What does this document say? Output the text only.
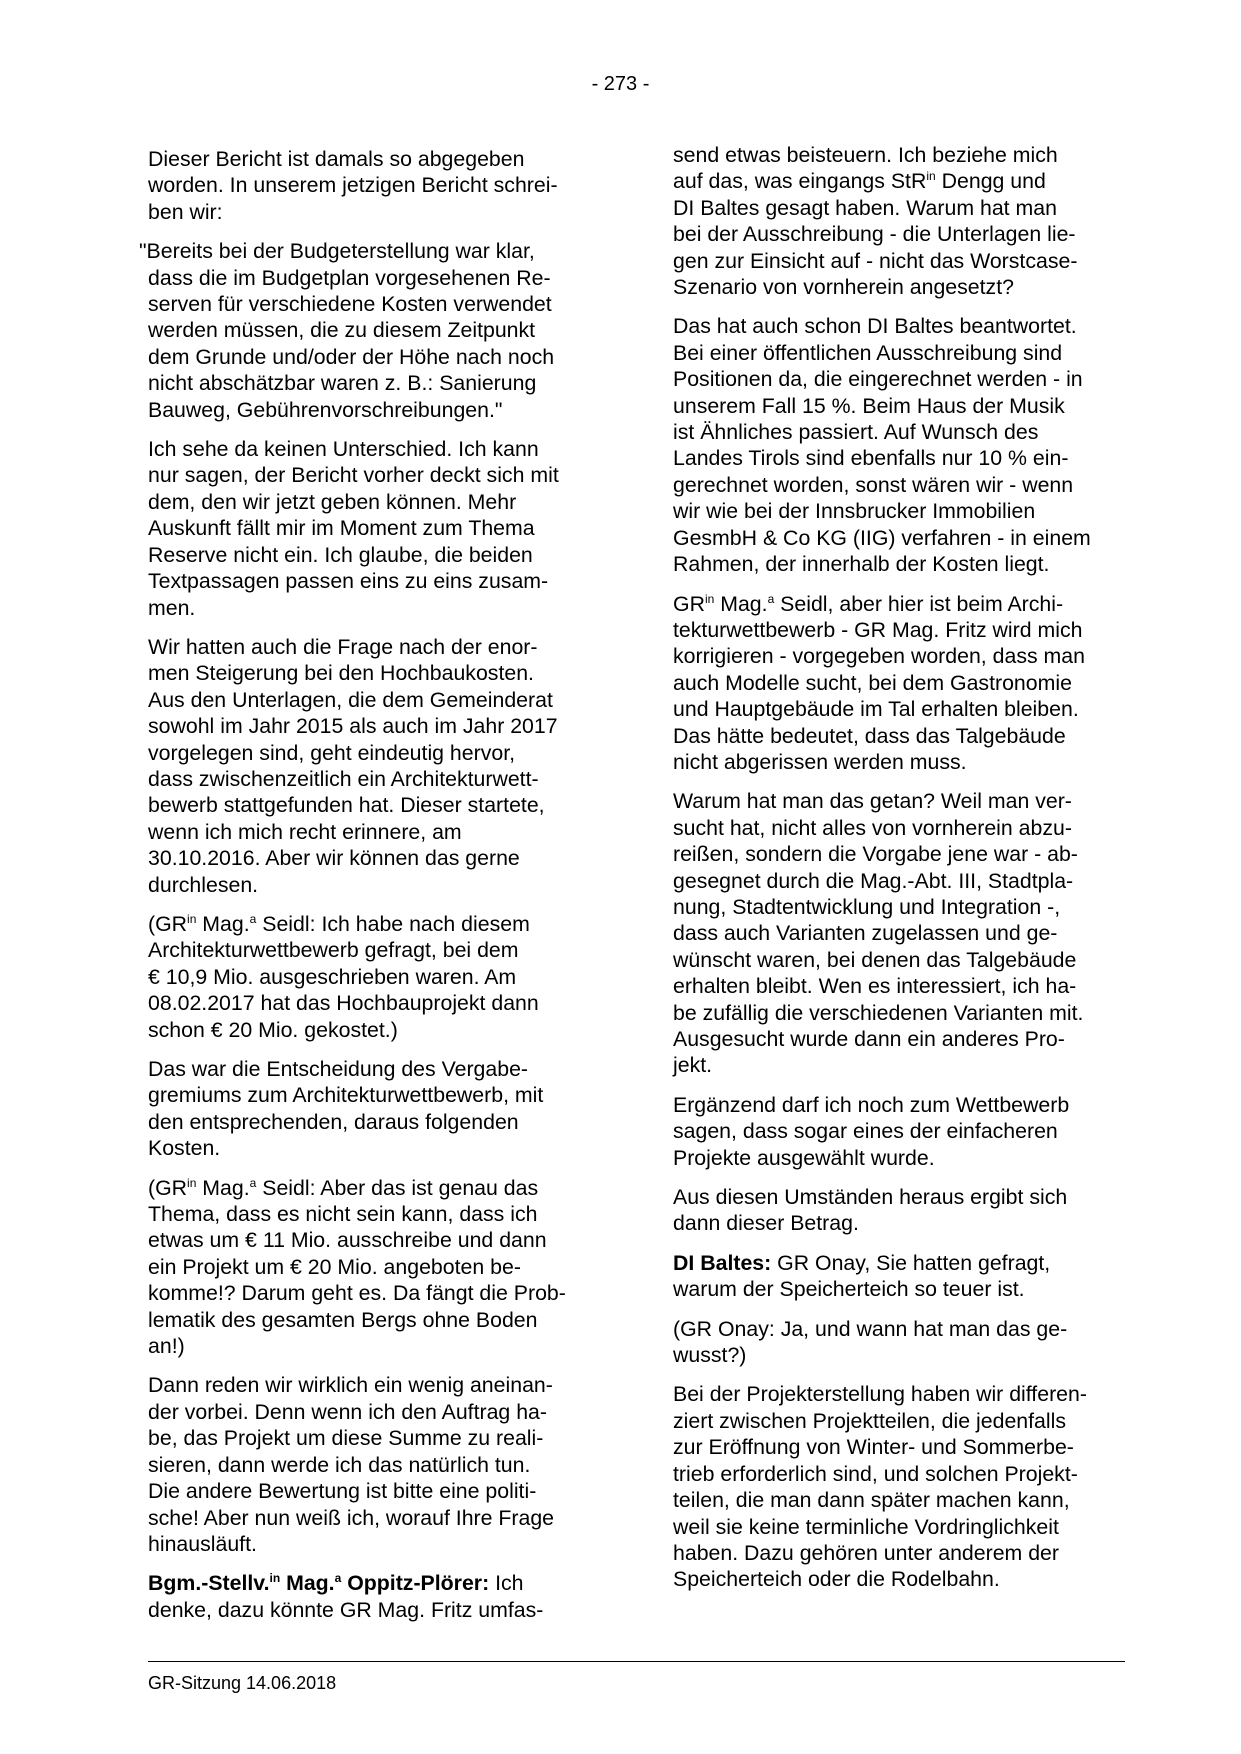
- 273 -

Dieser Bericht ist damals so abgegeben
worden. In unserem jetzigen Bericht schrei-
ben wir:

"Bereits bei der Budgeterstellung war klar,
dass die im Budgetplan vorgesehenen Re-
serven für verschiedene Kosten verwendet
werden müssen, die zu diesem Zeitpunkt
dem Grunde und/oder der Höhe nach noch
nicht abschätzbar waren z. B.: Sanierung
Bauweg, Gebührenvorschreibungen."

Ich sehe da keinen Unterschied. Ich kann
nur sagen, der Bericht vorher deckt sich mit
dem, den wir jetzt geben können. Mehr
Auskunft fällt mir im Moment zum Thema
Reserve nicht ein. Ich glaube, die beiden
Textpassagen passen eins zu eins zusam-
men.

Wir hatten auch die Frage nach der enor-
men Steigerung bei den Hochbaukosten.
Aus den Unterlagen, die dem Gemeinderat
sowohl im Jahr 2015 als auch im Jahr 2017
vorgelegen sind, geht eindeutig hervor,
dass zwischenzeitlich ein Architekturwett-
bewerb stattgefunden hat. Dieser startete,
wenn ich mich recht erinnere, am
30.10.2016. Aber wir können das gerne
durchlesen.

($GR^{in}$ Mag.$^a$ Seidl: Ich habe nach diesem
Architekturwettbewerb gefragt, bei dem
€ 10,9 Mio. ausgeschrieben waren. Am
08.02.2017 hat das Hochbauprojekt dann
schon € 20 Mio. gekostet.)

Das war die Entscheidung des Vergabe-
gremiums zum Architekturwettbewerb, mit
den entsprechenden, daraus folgenden
Kosten.

($GR^{in}$ Mag.$^a$ Seidl: Aber das ist genau das
Thema, dass es nicht sein kann, dass ich
etwas um € 11 Mio. ausschreibe und dann
ein Projekt um € 20 Mio. angeboten be-
komme!? Darum geht es. Da fängt die Prob-
lematik des gesamten Bergs ohne Boden
an!)

Dann reden wir wirklich ein wenig aneinan-
der vorbei. Denn wenn ich den Auftrag ha-
be, das Projekt um diese Summe zu reali-
sieren, dann werde ich das natürlich tun.
Die andere Bewertung ist bitte eine politi-
sche! Aber nun weiß ich, worauf Ihre Frage
hinausläuft.

Bgm.-Stellv.$^{in}$ Mag.$^a$ Oppitz-Plörer: Ich
denke, dazu könnte GR Mag. Fritz umfas-

send etwas beisteuern. Ich beziehe mich
auf das, was eingangs StR$^{in}$ Dengg und
DI Baltes gesagt haben. Warum hat man
bei der Ausschreibung - die Unterlagen lie-
gen zur Einsicht auf - nicht das Worstcase-
Szenario von vornherein angesetzt?

Das hat auch schon DI Baltes beantwortet.
Bei einer öffentlichen Ausschreibung sind
Positionen da, die eingerechnet werden - in
unserem Fall 15 %. Beim Haus der Musik
ist Ähnliches passiert. Auf Wunsch des
Landes Tirols sind ebenfalls nur 10 % ein-
gerechnet worden, sonst wären wir - wenn
wir wie bei der Innsbrucker Immobilien
GesmbH & Co KG (IIG) verfahren - in einem
Rahmen, der innerhalb der Kosten liegt.

$GR^{in}$ Mag.$^a$ Seidl, aber hier ist beim Archi-
tekturwettbewerb - GR Mag. Fritz wird mich
korrigieren - vorgegeben worden, dass man
auch Modelle sucht, bei dem Gastronomie
und Hauptgebäude im Tal erhalten bleiben.
Das hätte bedeutet, dass das Talgebäude
nicht abgerissen werden muss.

Warum hat man das getan? Weil man ver-
sucht hat, nicht alles von vornherein abzu-
reißen, sondern die Vorgabe jene war - ab-
gesegnet durch die Mag.-Abt. III, Stadtpla-
nung, Stadtentwicklung und Integration -,
dass auch Varianten zugelassen und ge-
wünscht waren, bei denen das Talgebäude
erhalten bleibt. Wen es interessiert, ich ha-
be zufällig die verschiedenen Varianten mit.
Ausgesucht wurde dann ein anderes Pro-
jekt.

Ergänzend darf ich noch zum Wettbewerb
sagen, dass sogar eines der einfacheren
Projekte ausgewählt wurde.

Aus diesen Umständen heraus ergibt sich
dann dieser Betrag.

DI Baltes: GR Onay, Sie hatten gefragt,
warum der Speicherteich so teuer ist.

(GR Onay: Ja, und wann hat man das ge-
wusst?)

Bei der Projekterstellung haben wir differen-
ziert zwischen Projektteilen, die jedenfalls
zur Eröffnung von Winter- und Sommerbe-
trieb erforderlich sind, und solchen Projekt-
teilen, die man dann später machen kann,
weil sie keine terminliche Vordringlichkeit
haben. Dazu gehören unter anderem der
Speicherteich oder die Rodelbahn.

GR-Sitzung 14.06.2018
